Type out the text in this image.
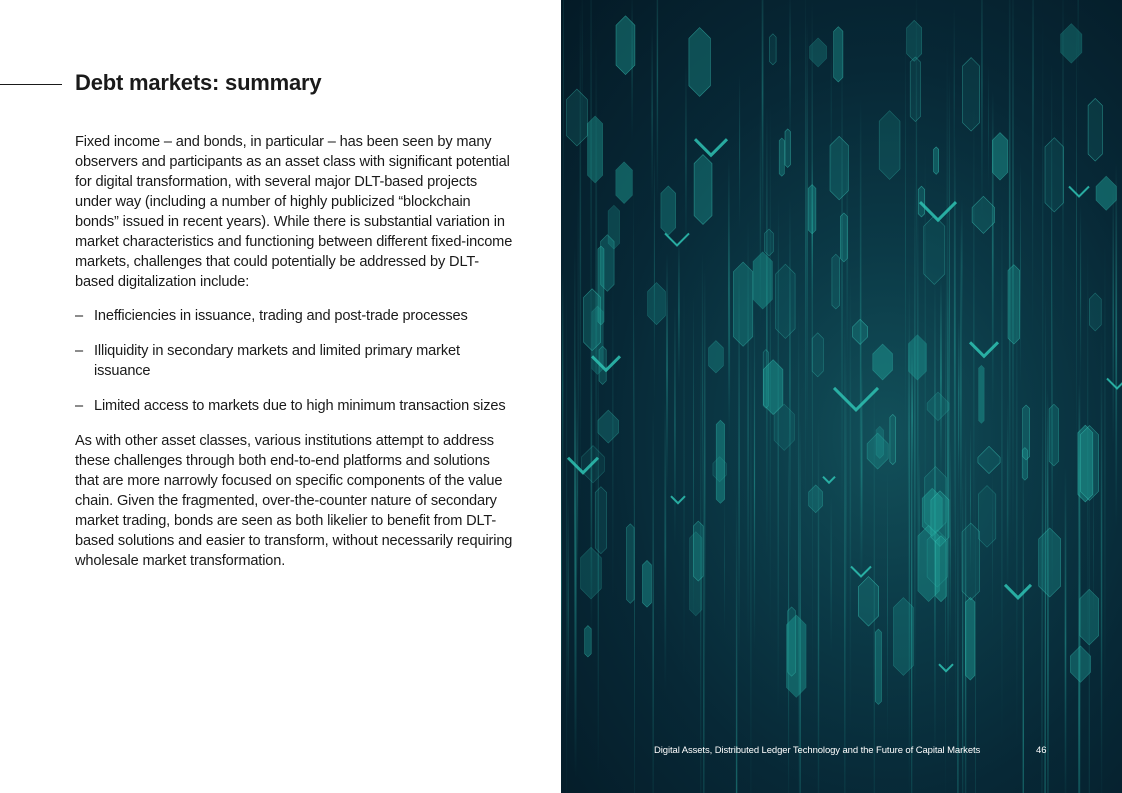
Debt markets: summary

Fixed income – and bonds, in particular – has been seen by many observers and participants as an asset class with significant potential for digital transformation, with several major DLT-based projects under way (including a number of highly publicized “blockchain bonds” issued in recent years). While there is substantial variation in market characteristics and functioning between different fixed-income markets, challenges that could potentially be addressed by DLT-based digitalization include:

– Inefficiencies in issuance, trading and post-trade processes
– Illiquidity in secondary markets and limited primary market issuance
– Limited access to markets due to high minimum transaction sizes

As with other asset classes, various institutions attempt to address these challenges through both end-to-end platforms and solutions that are more narrowly focused on specific components of the value chain. Given the fragmented, over-the-counter nature of secondary market trading, bonds are seen as both likelier to benefit from DLT-based solutions and easier to transform, without necessarily requiring wholesale market transformation.

Digital Assets, Distributed Ledger Technology and the Future of Capital Markets	46
